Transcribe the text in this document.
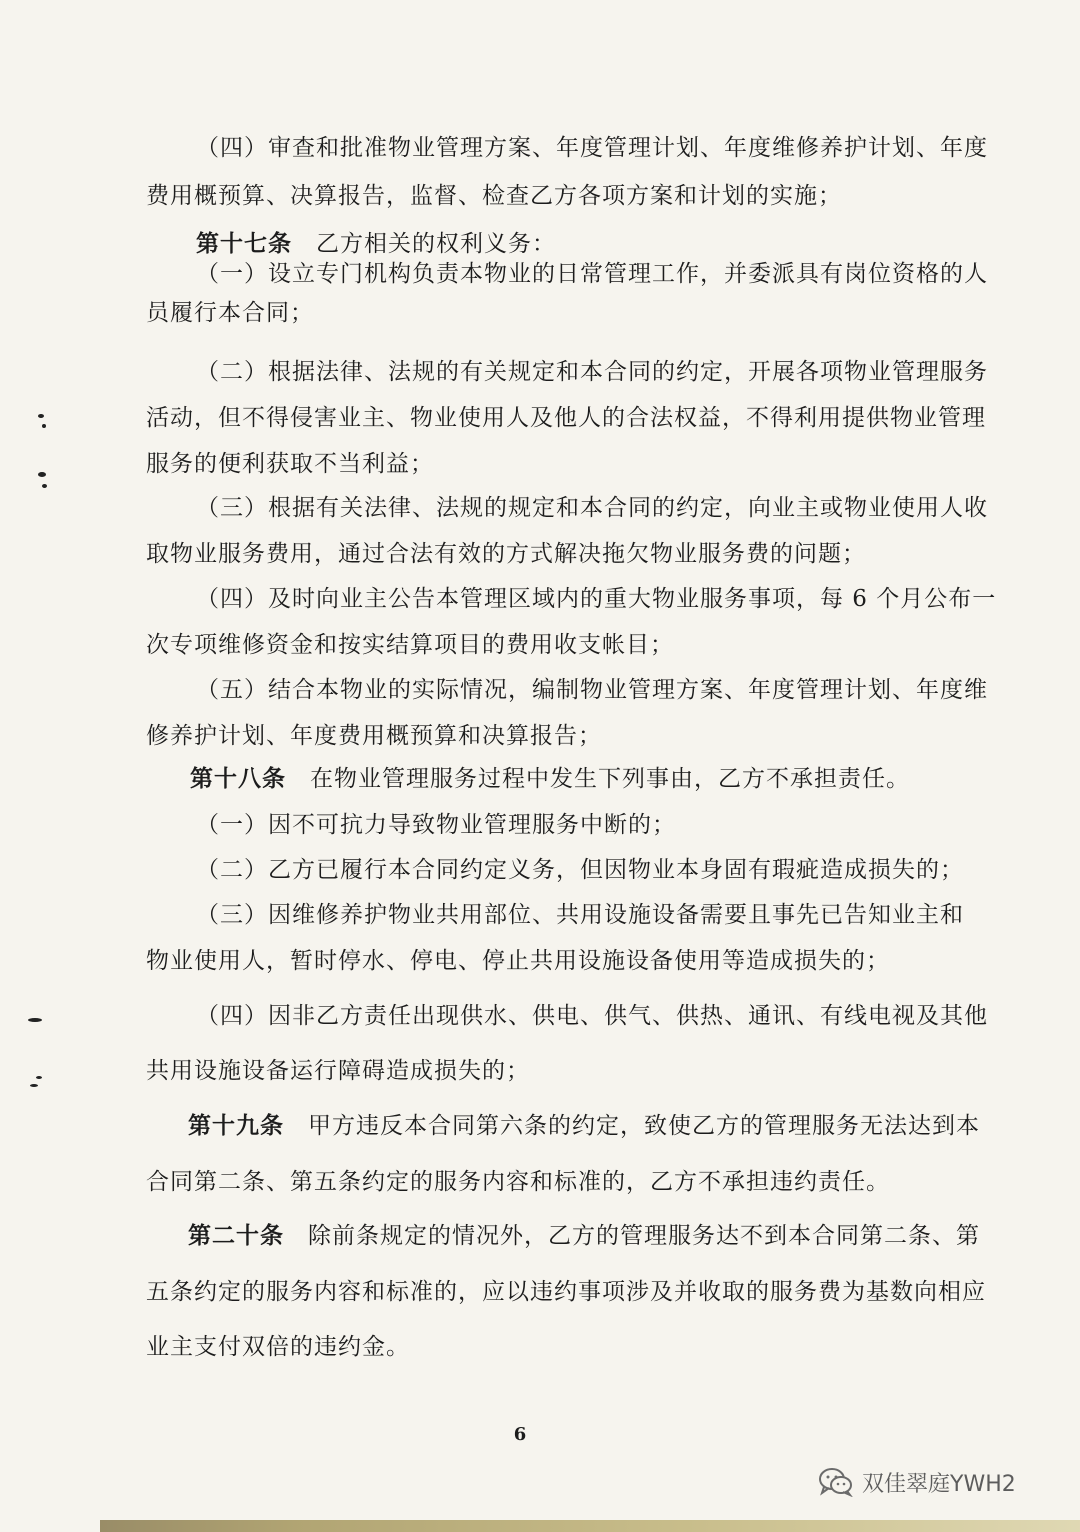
（四）审查和批准物业管理方案、年度管理计划、年度维修养护计划、年度
费用概预算、决算报告，监督、检查乙方各项方案和计划的实施；
第十七条　乙方相关的权利义务：
（一）设立专门机构负责本物业的日常管理工作，并委派具有岗位资格的人
员履行本合同；
（二）根据法律、法规的有关规定和本合同的约定，开展各项物业管理服务
活动，但不得侵害业主、物业使用人及他人的合法权益，不得利用提供物业管理
服务的便利获取不当利益；
（三）根据有关法律、法规的规定和本合同的约定，向业主或物业使用人收
取物业服务费用，通过合法有效的方式解决拖欠物业服务费的问题；
（四）及时向业主公告本管理区域内的重大物业服务事项，每 6 个月公布一
次专项维修资金和按实结算项目的费用收支帐目；
（五）结合本物业的实际情况，编制物业管理方案、年度管理计划、年度维
修养护计划、年度费用概预算和决算报告；
第十八条　在物业管理服务过程中发生下列事由，乙方不承担责任。
（一）因不可抗力导致物业管理服务中断的；
（二）乙方已履行本合同约定义务，但因物业本身固有瑕疵造成损失的；
（三）因维修养护物业共用部位、共用设施设备需要且事先已告知业主和
物业使用人，暂时停水、停电、停止共用设施设备使用等造成损失的；
（四）因非乙方责任出现供水、供电、供气、供热、通讯、有线电视及其他
共用设施设备运行障碍造成损失的；
第十九条　甲方违反本合同第六条的约定，致使乙方的管理服务无法达到本
合同第二条、第五条约定的服务内容和标准的，乙方不承担违约责任。
第二十条　除前条规定的情况外，乙方的管理服务达不到本合同第二条、第
五条约定的服务内容和标准的，应以违约事项涉及并收取的服务费为基数向相应
业主支付双倍的违约金。
6
双佳翠庭YWH2
